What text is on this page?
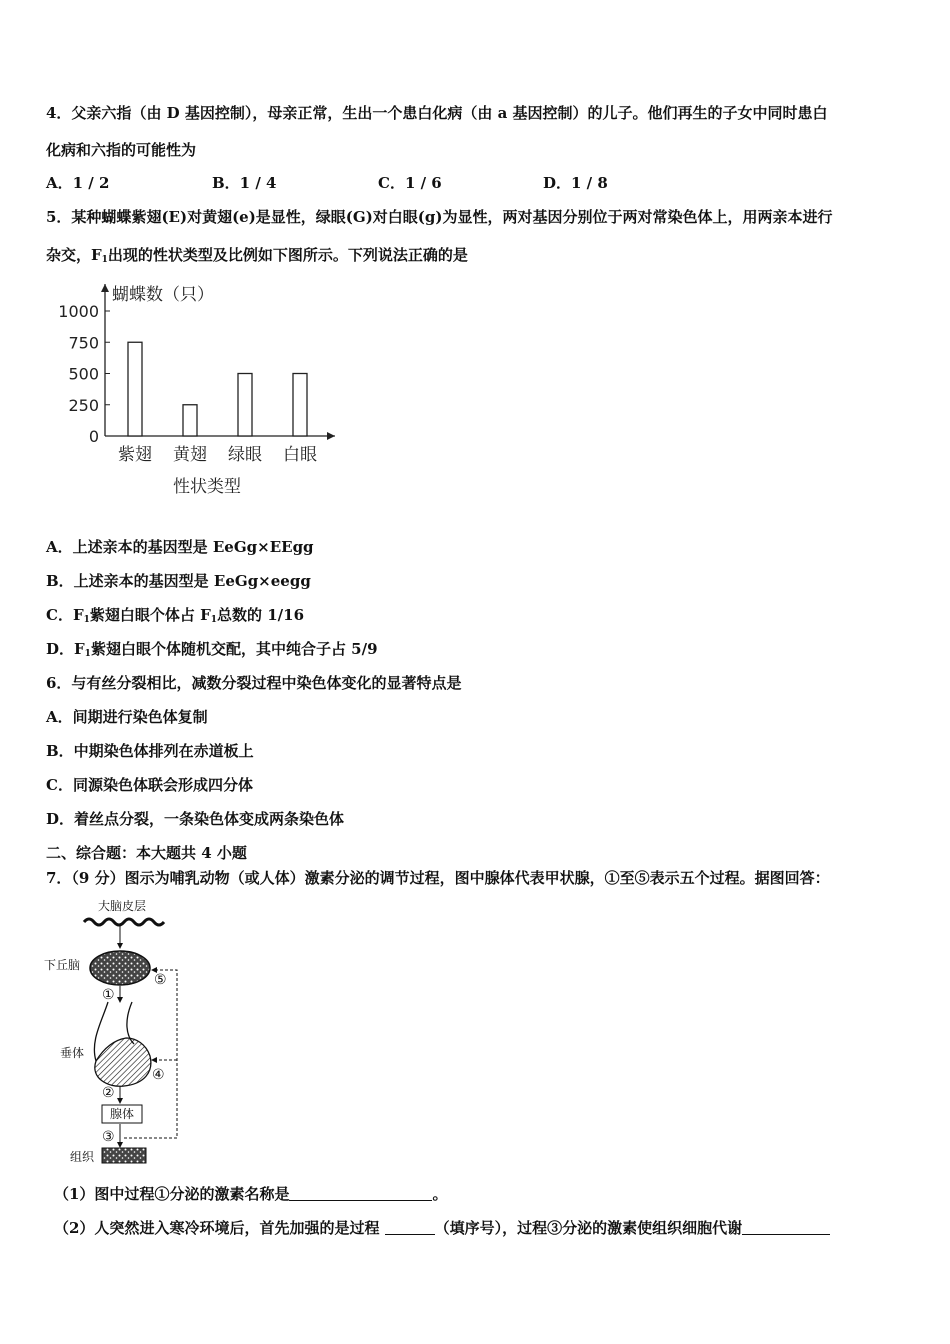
4．父亲六指（由 D 基因控制），母亲正常，生出一个患白化病（由 a 基因控制）的儿子。他们再生的子女中同时患白
化病和六指的可能性为
A．1 / 2	B．1 / 4	C．1 / 6	D．1 / 8
5．某种蝴蝶紫翅(E)对黄翅(e)是显性，绿眼(G)对白眼(g)为显性，两对基因分别位于两对常染色体上，用两亲本进行
杂交，$F_1$出现的性状类型及比例如下图所示。下列说法正确的是
蝴蝶数（只）
性状类型
0
250
500
750
1000
紫翅 黄翅 绿眼 白眼
A．上述亲本的基因型是 EeGg×EEgg
B．上述亲本的基因型是 EeGg×eegg
C．$F_1$紫翅白眼个体占 $F_1$总数的 1/16
D．$F_1$紫翅白眼个体随机交配，其中纯合子占 5/9
6．与有丝分裂相比，减数分裂过程中染色体变化的显著特点是
A．间期进行染色体复制
B．中期染色体排列在赤道板上
C．同源染色体联会形成四分体
D．着丝点分裂，一条染色体变成两条染色体
二、综合题：本大题共 4 小题
7．（9 分）图示为哺乳动物（或人体）激素分泌的调节过程，图中腺体代表甲状腺，①至⑤表示五个过程。据图回答：
大脑皮层
下丘脑
⑤
①
垂体
④
②
腺体
③
组织
（1）图中过程①分泌的激素名称是	。
（2）人突然进入寒冷环境后，首先加强的是过程	（填序号），过程③分泌的激素使组织细胞代谢
